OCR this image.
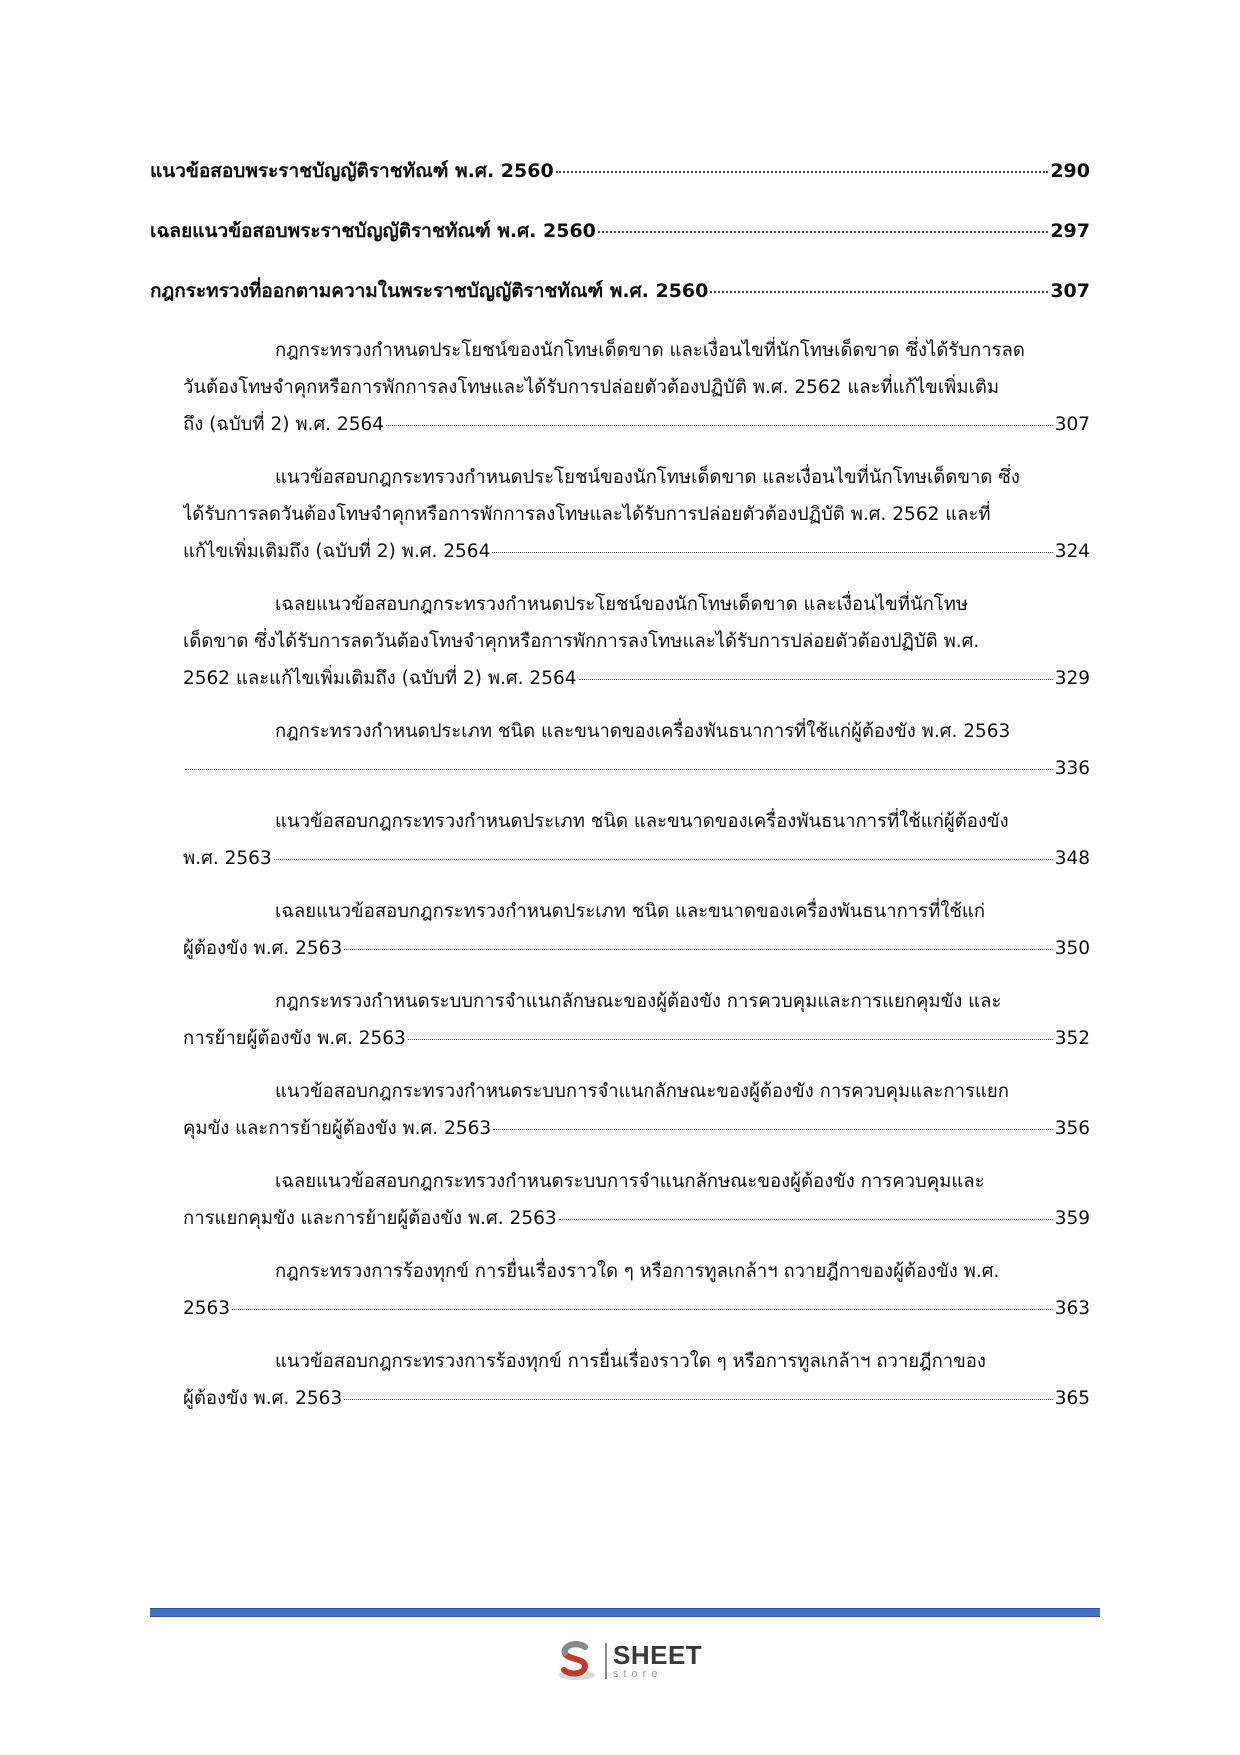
แนวข้อสอบพระราชบัญญัติราชทัณฑ์ พ.ศ. 2560	290
เฉลยแนวข้อสอบพระราชบัญญัติราชทัณฑ์ พ.ศ. 2560	297
กฎกระทรวงที่ออกตามความในพระราชบัญญัติราชทัณฑ์ พ.ศ. 2560	307
กฎกระทรวงกำหนดประโยชน์ของนักโทษเด็ดขาด และเงื่อนไขที่นักโทษเด็ดขาด ซึ่งได้รับการลด
วันต้องโทษจำคุกหรือการพักการลงโทษและได้รับการปล่อยตัวต้องปฏิบัติ พ.ศ. 2562 และที่แก้ไขเพิ่มเติม
ถึง (ฉบับที่ 2) พ.ศ. 2564	307
แนวข้อสอบกฎกระทรวงกำหนดประโยชน์ของนักโทษเด็ดขาด และเงื่อนไขที่นักโทษเด็ดขาด ซึ่ง
ได้รับการลดวันต้องโทษจำคุกหรือการพักการลงโทษและได้รับการปล่อยตัวต้องปฏิบัติ พ.ศ. 2562 และที่
แก้ไขเพิ่มเติมถึง (ฉบับที่ 2) พ.ศ. 2564	324
เฉลยแนวข้อสอบกฎกระทรวงกำหนดประโยชน์ของนักโทษเด็ดขาด และเงื่อนไขที่นักโทษ
เด็ดขาด ซึ่งได้รับการลดวันต้องโทษจำคุกหรือการพักการลงโทษและได้รับการปล่อยตัวต้องปฏิบัติ พ.ศ.
2562 และแก้ไขเพิ่มเติมถึง (ฉบับที่ 2) พ.ศ. 2564	329
กฎกระทรวงกำหนดประเภท ชนิด และขนาดของเครื่องพันธนาการที่ใช้แก่ผู้ต้องขัง พ.ศ. 2563
336
แนวข้อสอบกฎกระทรวงกำหนดประเภท ชนิด และขนาดของเครื่องพันธนาการที่ใช้แก่ผู้ต้องขัง
พ.ศ. 2563	348
เฉลยแนวข้อสอบกฎกระทรวงกำหนดประเภท ชนิด และขนาดของเครื่องพันธนาการที่ใช้แก่
ผู้ต้องขัง พ.ศ. 2563	350
กฎกระทรวงกำหนดระบบการจำแนกลักษณะของผู้ต้องขัง การควบคุมและการแยกคุมขัง และ
การย้ายผู้ต้องขัง พ.ศ. 2563	352
แนวข้อสอบกฎกระทรวงกำหนดระบบการจำแนกลักษณะของผู้ต้องขัง การควบคุมและการแยก
คุมขัง และการย้ายผู้ต้องขัง พ.ศ. 2563	356
เฉลยแนวข้อสอบกฎกระทรวงกำหนดระบบการจำแนกลักษณะของผู้ต้องขัง การควบคุมและ
การแยกคุมขัง และการย้ายผู้ต้องขัง พ.ศ. 2563	359
กฎกระทรวงการร้องทุกข์ การยื่นเรื่องราวใด ๆ หรือการทูลเกล้าฯ ถวายฎีกาของผู้ต้องขัง พ.ศ.
2563	363
แนวข้อสอบกฎกระทรวงการร้องทุกข์ การยื่นเรื่องราวใด ๆ หรือการทูลเกล้าฯ ถวายฎีกาของ
ผู้ต้องขัง พ.ศ. 2563	365
SHEET
store
